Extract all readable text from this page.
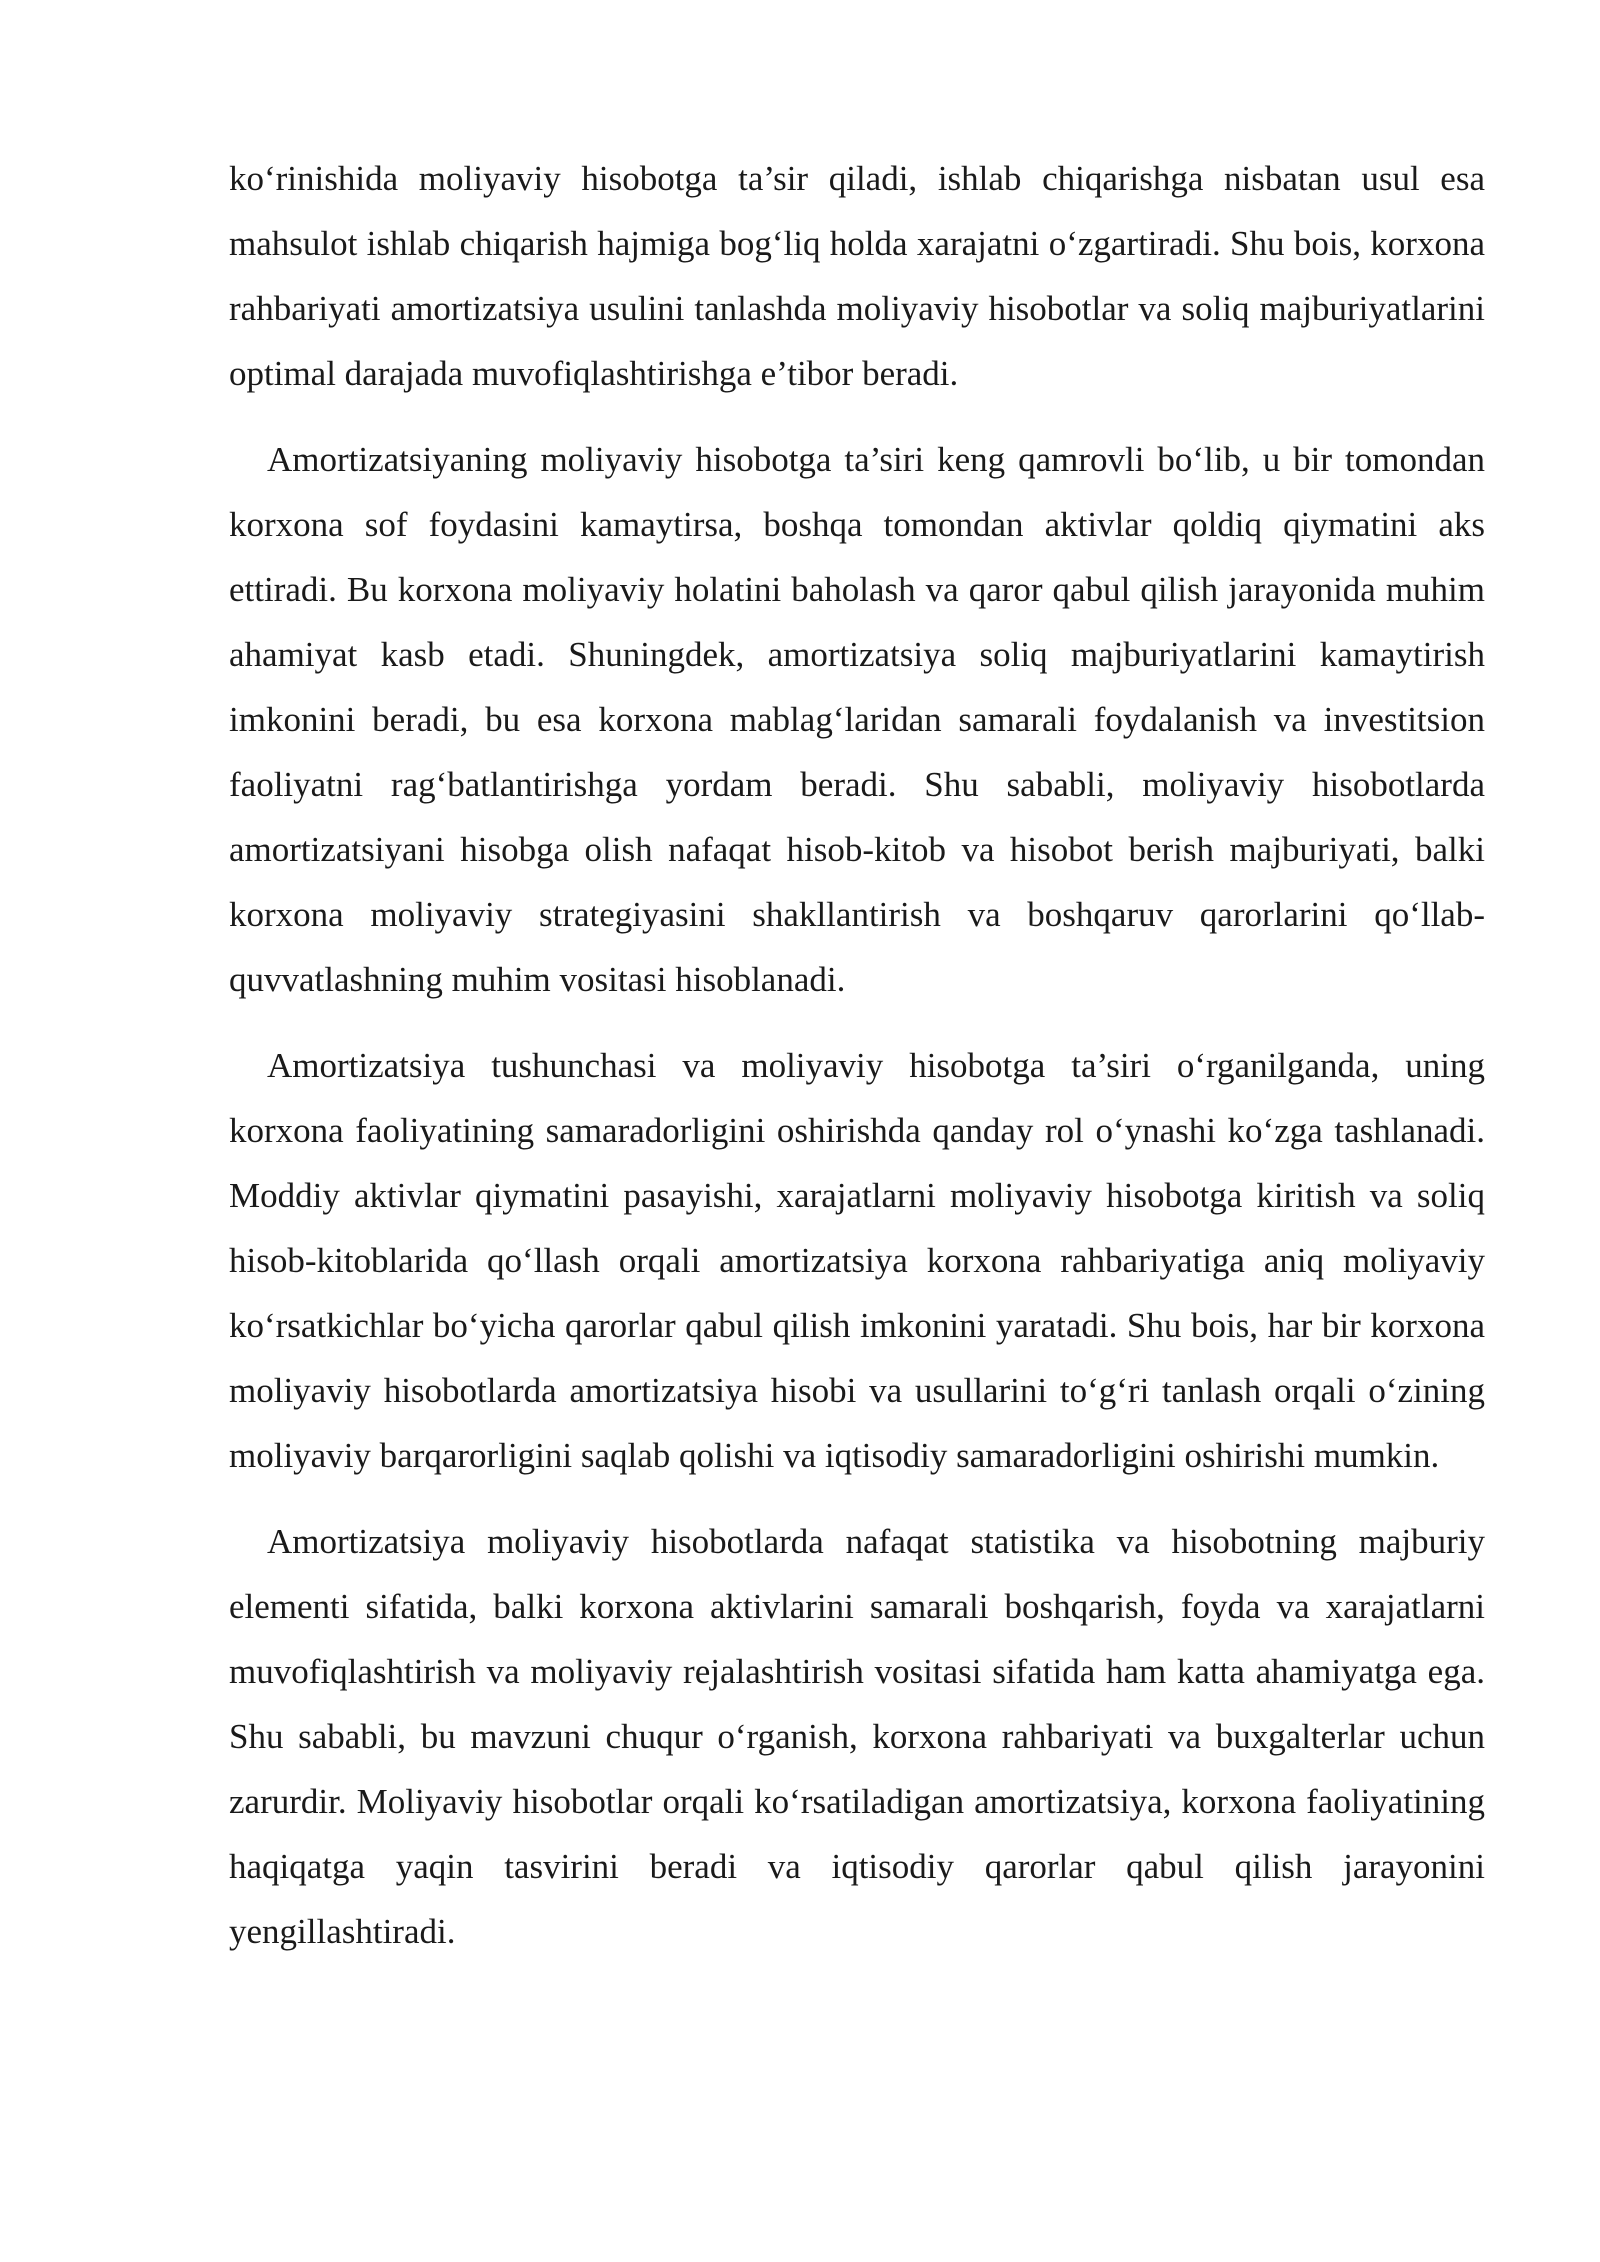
ko‘rinishida moliyaviy hisobotga ta’sir qiladi, ishlab chiqarishga nisbatan usul esa mahsulot ishlab chiqarish hajmiga bog‘liq holda xarajatni o‘zgartiradi. Shu bois, korxona rahbariyati amortizatsiya usulini tanlashda moliyaviy hisobotlar va soliq majburiyatlarini optimal darajada muvofiqlashtirishga e’tibor beradi.

Amortizatsiyaning moliyaviy hisobotga ta’siri keng qamrovli bo‘lib, u bir tomondan korxona sof foydasini kamaytirsa, boshqa tomondan aktivlar qoldiq qiymatini aks ettiradi. Bu korxona moliyaviy holatini baholash va qaror qabul qilish jarayonida muhim ahamiyat kasb etadi. Shuningdek, amortizatsiya soliq majburiyatlarini kamaytirish imkonini beradi, bu esa korxona mablag‘laridan samarali foydalanish va investitsion faoliyatni rag‘batlantirishga yordam beradi. Shu sababli, moliyaviy hisobotlarda amortizatsiyani hisobga olish nafaqat hisob-kitob va hisobot berish majburiyati, balki korxona moliyaviy strategiyasini shakllantirish va boshqaruv qarorlarini qo‘llab-quvvatlashning muhim vositasi hisoblanadi.

Amortizatsiya tushunchasi va moliyaviy hisobotga ta’siri o‘rganilganda, uning korxona faoliyatining samaradorligini oshirishda qanday rol o‘ynashi ko‘zga tashlanadi. Moddiy aktivlar qiymatini pasayishi, xarajatlarni moliyaviy hisobotga kiritish va soliq hisob-kitoblarida qo‘llash orqali amortizatsiya korxona rahbariyatiga aniq moliyaviy ko‘rsatkichlar bo‘yicha qarorlar qabul qilish imkonini yaratadi. Shu bois, har bir korxona moliyaviy hisobotlarda amortizatsiya hisobi va usullarini to‘g‘ri tanlash orqali o‘zining moliyaviy barqarorligini saqlab qolishi va iqtisodiy samaradorligini oshirishi mumkin.

Amortizatsiya moliyaviy hisobotlarda nafaqat statistika va hisobotning majburiy elementi sifatida, balki korxona aktivlarini samarali boshqarish, foyda va xarajatlarni muvofiqlashtirish va moliyaviy rejalashtirish vositasi sifatida ham katta ahamiyatga ega. Shu sababli, bu mavzuni chuqur o‘rganish, korxona rahbariyati va buxgalterlar uchun zarurdir. Moliyaviy hisobotlar orqali ko‘rsatiladigan amortizatsiya, korxona faoliyatining haqiqatga yaqin tasvirini beradi va iqtisodiy qarorlar qabul qilish jarayonini yengillashtiradi.
